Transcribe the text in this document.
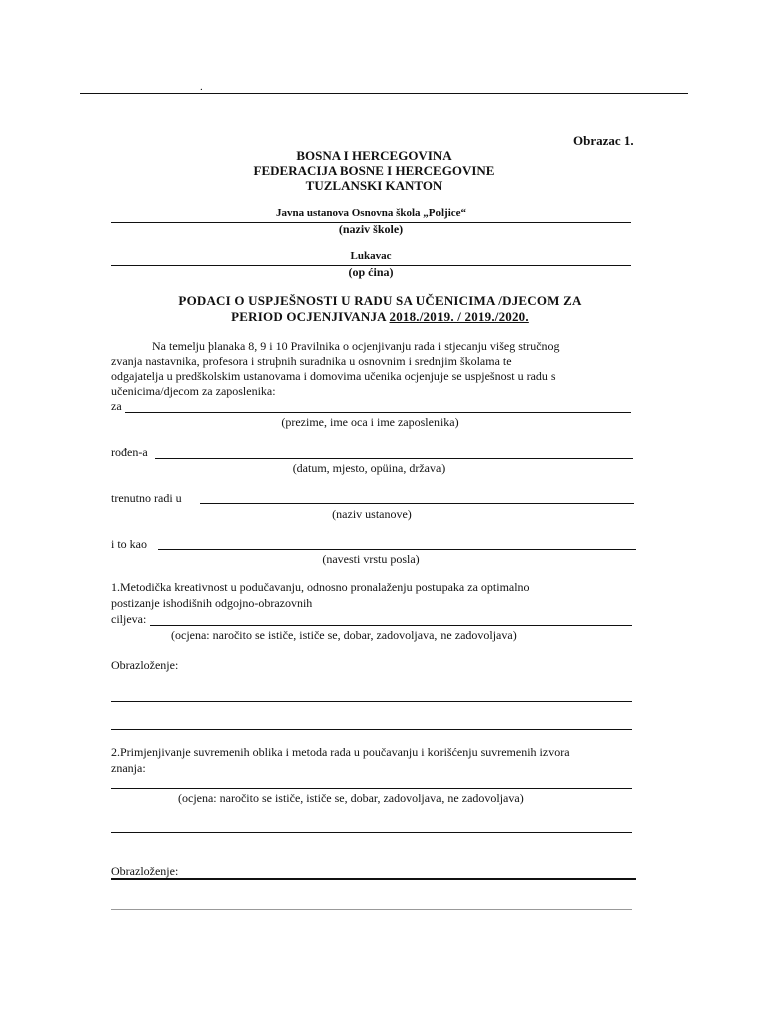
.
Obrazac 1.
BOSNA I HERCEGOVINA
FEDERACIJA BOSNE I HERCEGOVINE
TUZLANSKI KANTON
Javna ustanova Osnovna škola „Poljice“
(naziv škole)
Lukavac
(op ćina)
PODACI O USPJEŠNOSTI U RADU SA UČENICIMA /DJECOM ZA
PERIOD OCJENJIVANJA 2018./2019. / 2019./2020.
Na temelju þlanaka 8, 9 i 10 Pravilnika o ocjenjivanju rada i stjecanju višeg stručnog
zvanja nastavnika, profesora i struþnih suradnika u osnovnim i srednjim školama te
odgajatelja u predškolskim ustanovama i domovima učenika ocjenjuje se uspješnost u radu s
učenicima/djecom za zaposlenika:
za
(prezime, ime oca i ime zaposlenika)
rođen-a
(datum, mjesto, opüina, država)
trenutno radi u
(naziv ustanove)
i to kao
(navesti vrstu posla)
1.Metodička kreativnost u podučavanju, odnosno pronalaženju postupaka za optimalno
postizanje ishodišnih odgojno-obrazovnih
ciljeva:
(ocjena: naročito se ističe, ističe se, dobar, zadovoljava, ne zadovoljava)
Obrazloženje:
2.Primjenjivanje suvremenih oblika i metoda rada u poučavanju i korišćenju suvremenih izvora
znanja:
(ocjena: naročito se ističe, ističe se, dobar, zadovoljava, ne zadovoljava)
Obrazloženje:
